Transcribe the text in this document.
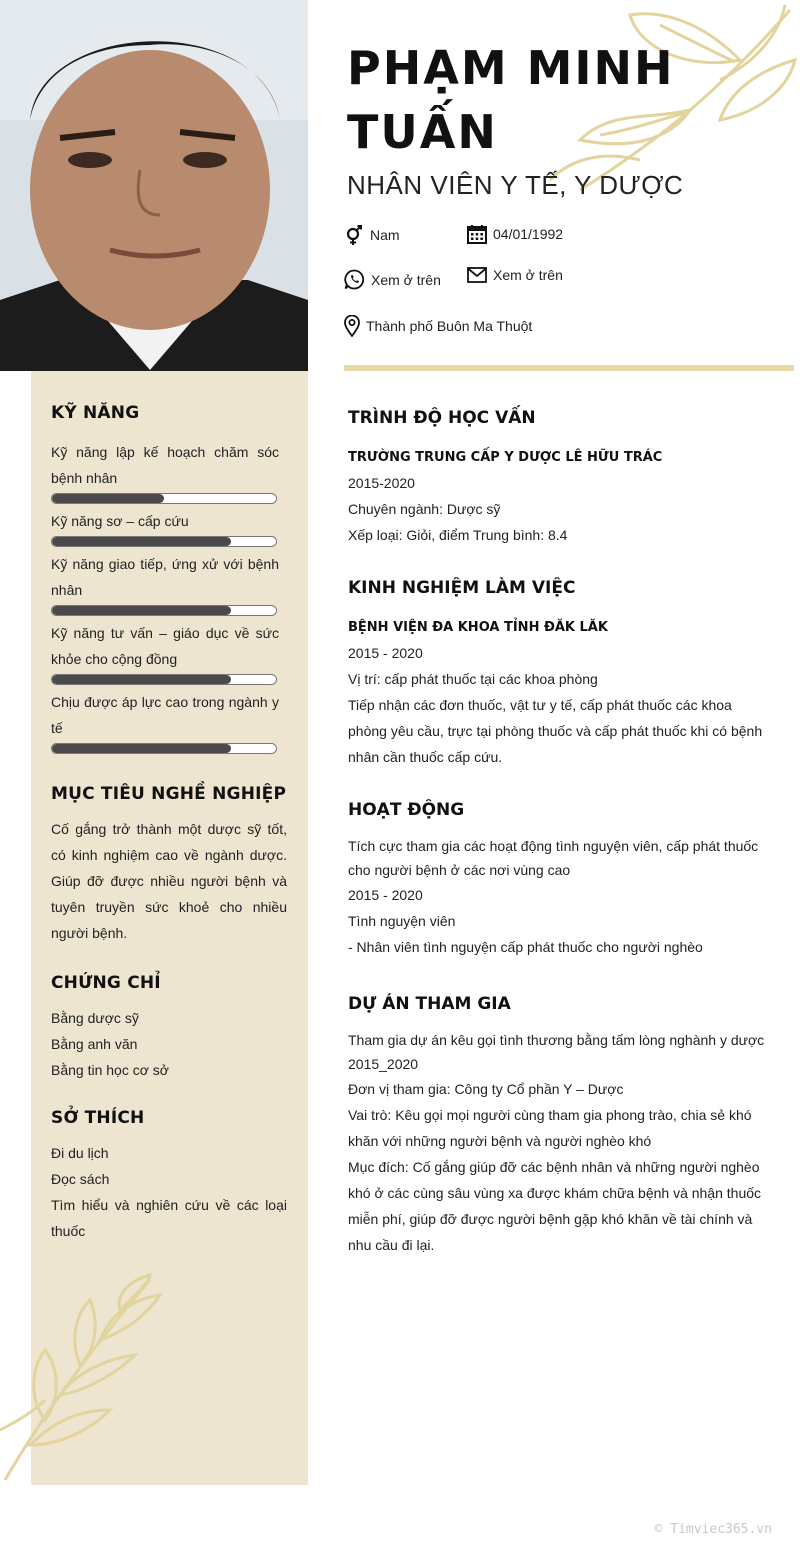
KỸ NĂNG
Kỹ năng lập kế hoạch chăm sóc bệnh nhân
Kỹ năng sơ – cấp cứu
Kỹ năng giao tiếp, ứng xử với bệnh nhân
Kỹ năng tư vấn – giáo dục về sức khỏe cho cộng đồng
Chịu được áp lực cao trong ngành y tế
MỤC TIÊU NGHỀ NGHIỆP
Cố gắng trở thành một dược sỹ tốt, có kinh nghiệm cao về ngành dược. Giúp đỡ được nhiều người bệnh và tuyên truyền sức khoẻ cho nhiều người bệnh.
CHỨNG CHỈ
Bằng dược sỹ
Bằng anh văn
Bằng tin học cơ sở
SỞ THÍCH
Đi du lịch
Đọc sách
Tìm hiểu và nghiên cứu về các loại thuốc
PHẠM MINH
TUẤN
NHÂN VIÊN Y TẾ, Y DƯỢC
Nam	04/01/1992
Xem ở trên	Xem ở trên
Thành phố Buôn Ma Thuột
TRÌNH ĐỘ HỌC VẤN
TRƯỜNG TRUNG CẤP Y DƯỢC LÊ HỮU TRÁC
2015-2020
Chuyên ngành: Dược sỹ
Xếp loại: Giỏi, điểm Trung bình: 8.4
KINH NGHIỆM LÀM VIỆC
BỆNH VIỆN ĐA KHOA TỈNH ĐĂK LĂK
2015 - 2020
Vị trí: cấp phát thuốc tại các khoa phòng
Tiếp nhận các đơn thuốc, vật tư y tế, cấp phát thuốc các khoa phòng yêu cầu, trực tại phòng thuốc và cấp phát thuốc khi có bệnh nhân cần thuốc cấp cứu.
HOẠT ĐỘNG
Tích cực tham gia các hoạt động tình nguyện viên, cấp phát thuốc cho người bệnh ở các nơi vùng cao
2015 - 2020
Tình nguyện viên
- Nhân viên tình nguyện cấp phát thuốc cho người nghèo
DỰ ÁN THAM GIA
Tham gia dự án kêu gọi tình thương bằng tấm lòng nghành y dược
2015_2020
Đơn vị tham gia: Công ty Cổ phần Y – Dược
Vai trò: Kêu gọi mọi người cùng tham gia phong trào, chia sẻ khó khăn với những người bệnh và người nghèo khó
Mục đích: Cố gắng giúp đỡ các bệnh nhân và những người nghèo khó ở các cùng sâu vùng xa được khám chữa bệnh và nhận thuốc miễn phí, giúp đỡ được người bệnh gặp khó khăn về tài chính và nhu cầu đi lại.
© Timviec365.vn
